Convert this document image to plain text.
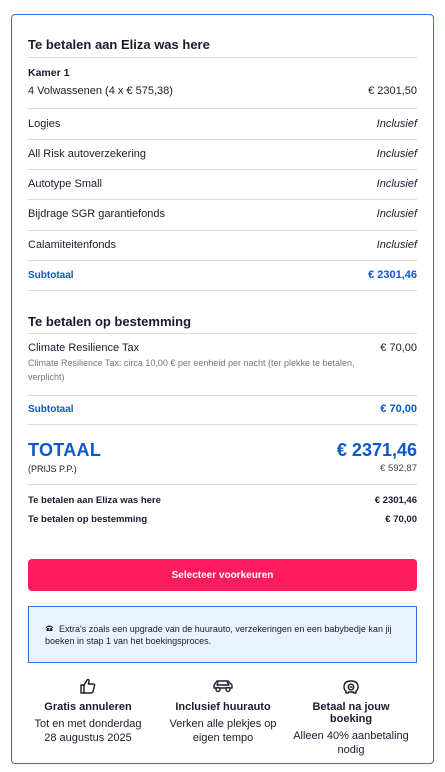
Te betalen aan Eliza was here
Kamer 1
4 Volwassenen (4 x € 575,38)	€ 2301,50
Logies	Inclusief
All Risk autoverzekering	Inclusief
Autotype Small	Inclusief
Bijdrage SGR garantiefonds	Inclusief
Calamiteitenfonds	Inclusief
Subtotaal	€ 2301,46
Te betalen op bestemming
Climate Resilience Tax	€ 70,00
Climate Resilience Tax: circa 10,00 € per eenheid per nacht (ter plekke te betalen, verplicht)
Subtotaal	€ 70,00
TOTAAL	€ 2371,46
(PRIJS P.P.)	€ 592,87
Te betalen aan Eliza was here	€ 2301,46
Te betalen op bestemming	€ 70,00
Selecteer voorkeuren
Extra's zoals een upgrade van de huurauto, verzekeringen en een babybedje kan jij boeken in stap 1 van het boekingsproces.
Gratis annuleren
Tot en met donderdag 28 augustus 2025
Inclusief huurauto
Verken alle plekjes op eigen tempo
Betaal na jouw boeking
Alleen 40% aanbetaling nodig
